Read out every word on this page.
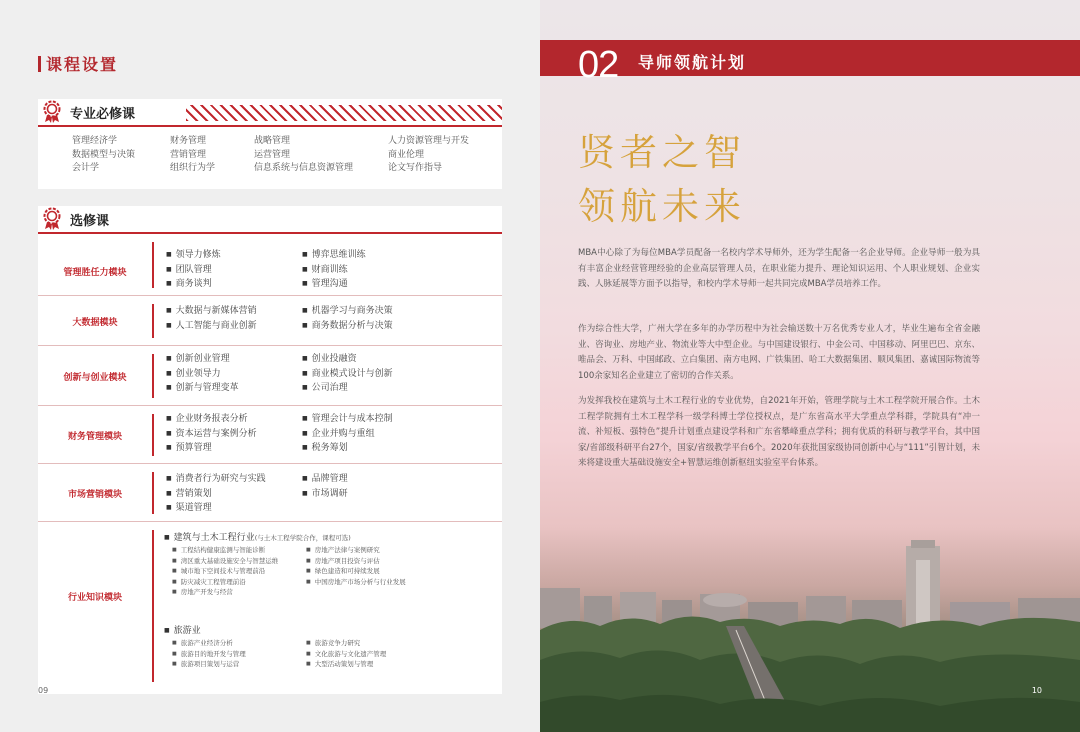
课程设置
专业必修课
管理经济学
数据模型与决策
会计学
财务管理
营销管理
组织行为学
战略管理
运营管理
信息系统与信息资源管理
人力资源管理与开发
商业伦理
论文写作指导
选修课
管理胜任力模块
■ 领导力修炼
■ 团队管理
■ 商务谈判
■ 博弈思维训练
■ 财商训练
■ 管理沟通
大数据模块
■ 大数据与新媒体营销
■ 人工智能与商业创新
■ 机器学习与商务决策
■ 商务数据分析与决策
创新与创业模块
■ 创新创业管理
■ 创业领导力
■ 创新与管理变革
■ 创业投融资
■ 商业模式设计与创新
■ 公司治理
财务管理模块
■ 企业财务报表分析
■ 资本运营与案例分析
■ 预算管理
■ 管理会计与成本控制
■ 企业并购与重组
■ 税务筹划
市场营销模块
■ 消费者行为研究与实践
■ 营销策划
■ 渠道管理
■ 品牌管理
■ 市场调研
行业知识模块
■ 建筑与土木工程行业(与土木工程学院合作，课程可选)
■ 工程结构健康监测与智能诊断
■ 湾区重大基础设施安全与智慧运维
■ 城市地下空间技术与管理前沿
■ 防灾减灾工程管理前沿
■ 房地产开发与经营
■ 房地产法律与案例研究
■ 房地产项目投资与评估
■ 绿色建造和可持续发展
■ 中国房地产市场分析与行业发展
■ 旅游业
■ 旅游产业经济分析
■ 旅游目的地开发与管理
■ 旅游项目策划与运营
■ 旅游竞争力研究
■ 文化旅游与文化遗产管理
■ 大型活动策划与管理
09
02 导师领航计划
贤者之智
领航未来
MBA中心除了为每位MBA学员配备一名校内学术导师外，还为学生配备一名企业导师。企业导师一般为具有丰富企业经营管理经验的企业高层管理人员，在职业能力提升、理论知识运用、个人职业规划、企业实践、人脉延展等方面予以指导，和校内学术导师一起共同完成MBA学员培养工作。
作为综合性大学，广州大学在多年的办学历程中为社会输送数十万名优秀专业人才，毕业生遍布全省金融业、咨询业、房地产业、物流业等大中型企业。与中国建设银行、中金公司、中国移动、阿里巴巴、京东、唯品会、万科、中国邮政、立白集团、南方电网、广铁集团、哈工大数据集团、顺风集团、嘉诚国际物流等100余家知名企业建立了密切的合作关系。
为发挥我校在建筑与土木工程行业的专业优势，自2021年开始，管理学院与土木工程学院开展合作。土木工程学院拥有土木工程学科一级学科博士学位授权点，是广东省高水平大学重点学科群，学院具有“冲一流、补短板、强特色”提升计划重点建设学科和广东省攀峰重点学科；拥有优质的科研与教学平台，其中国家/省部级科研平台27个，国家/省级教学平台6个。2020年获批国家级协同创新中心与“111”引智计划，未来将建设重大基础设施安全+智慧运维创新枢纽实验室平台体系。
10
